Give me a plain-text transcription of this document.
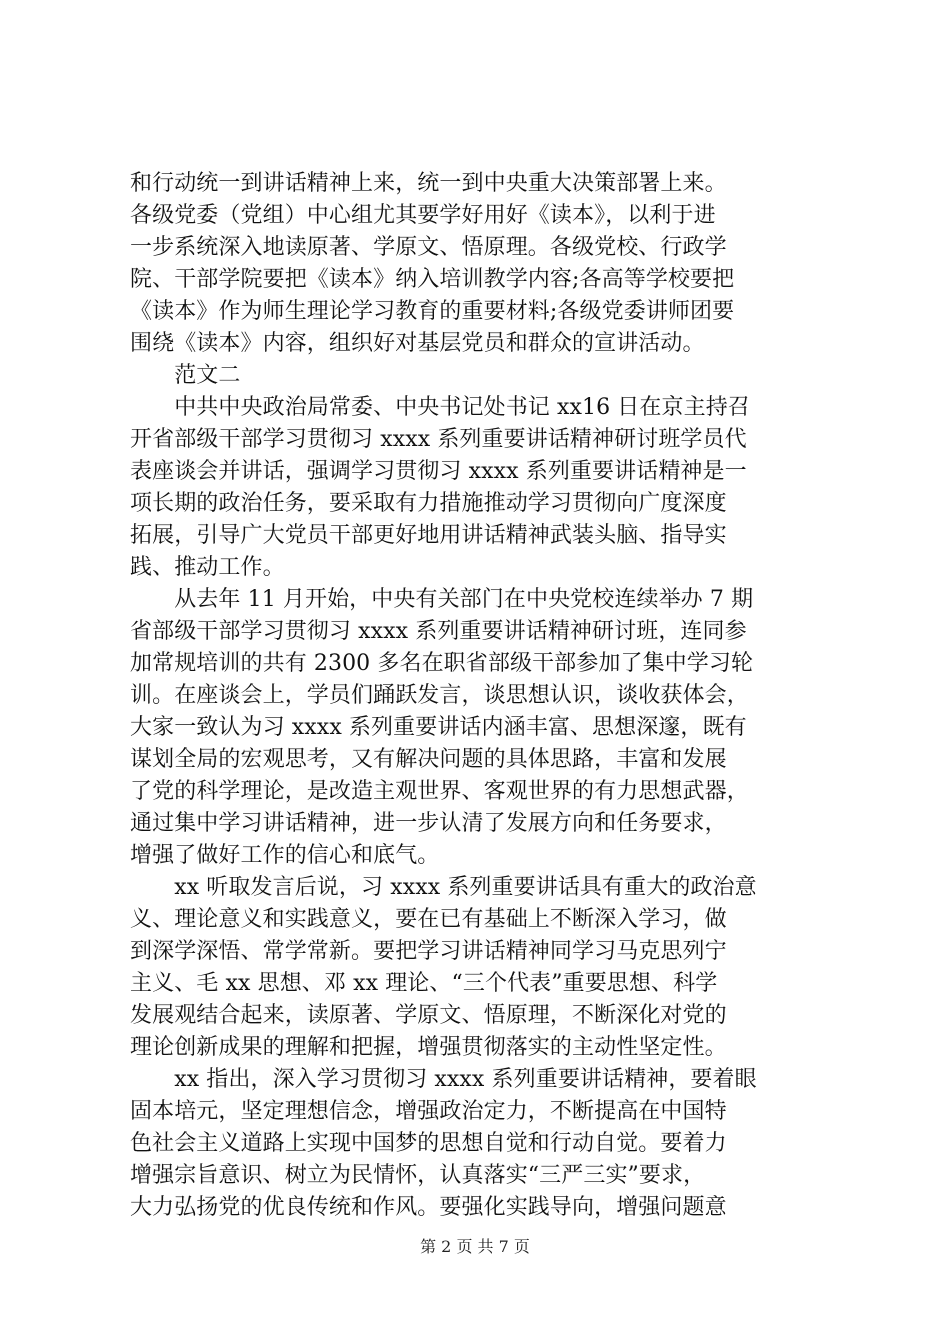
和行动统一到讲话精神上来，统一到中央重大决策部署上来。
各级党委（党组）中心组尤其要学好用好《读本》，以利于进
一步系统深入地读原著、学原文、悟原理。各级党校、行政学
院、干部学院要把《读本》纳入培训教学内容;各高等学校要把
《读本》作为师生理论学习教育的重要材料;各级党委讲师团要
围绕《读本》内容，组织好对基层党员和群众的宣讲活动。
　　范文二
　　中共中央政治局常委、中央书记处书记 xx16 日在京主持召
开省部级干部学习贯彻习 xxxx 系列重要讲话精神研讨班学员代
表座谈会并讲话，强调学习贯彻习 xxxx 系列重要讲话精神是一
项长期的政治任务，要采取有力措施推动学习贯彻向广度深度
拓展，引导广大党员干部更好地用讲话精神武装头脑、指导实
践、推动工作。
　　从去年 11 月开始，中央有关部门在中央党校连续举办 7 期
省部级干部学习贯彻习 xxxx 系列重要讲话精神研讨班，连同参
加常规培训的共有 2300 多名在职省部级干部参加了集中学习轮
训。在座谈会上，学员们踊跃发言，谈思想认识，谈收获体会，
大家一致认为习 xxxx 系列重要讲话内涵丰富、思想深邃，既有
谋划全局的宏观思考，又有解决问题的具体思路，丰富和发展
了党的科学理论，是改造主观世界、客观世界的有力思想武器，
通过集中学习讲话精神，进一步认清了发展方向和任务要求，
增强了做好工作的信心和底气。
　　xx 听取发言后说，习 xxxx 系列重要讲话具有重大的政治意
义、理论意义和实践意义，要在已有基础上不断深入学习，做
到深学深悟、常学常新。要把学习讲话精神同学习马克思列宁
主义、毛 xx 思想、邓 xx 理论、“三个代表”重要思想、科学
发展观结合起来，读原著、学原文、悟原理，不断深化对党的
理论创新成果的理解和把握，增强贯彻落实的主动性坚定性。
　　xx 指出，深入学习贯彻习 xxxx 系列重要讲话精神，要着眼
固本培元，坚定理想信念，增强政治定力，不断提高在中国特
色社会主义道路上实现中国梦的思想自觉和行动自觉。要着力
增强宗旨意识、树立为民情怀，认真落实“三严三实”要求，
大力弘扬党的优良传统和作风。要强化实践导向，增强问题意
第 2 页 共 7 页
